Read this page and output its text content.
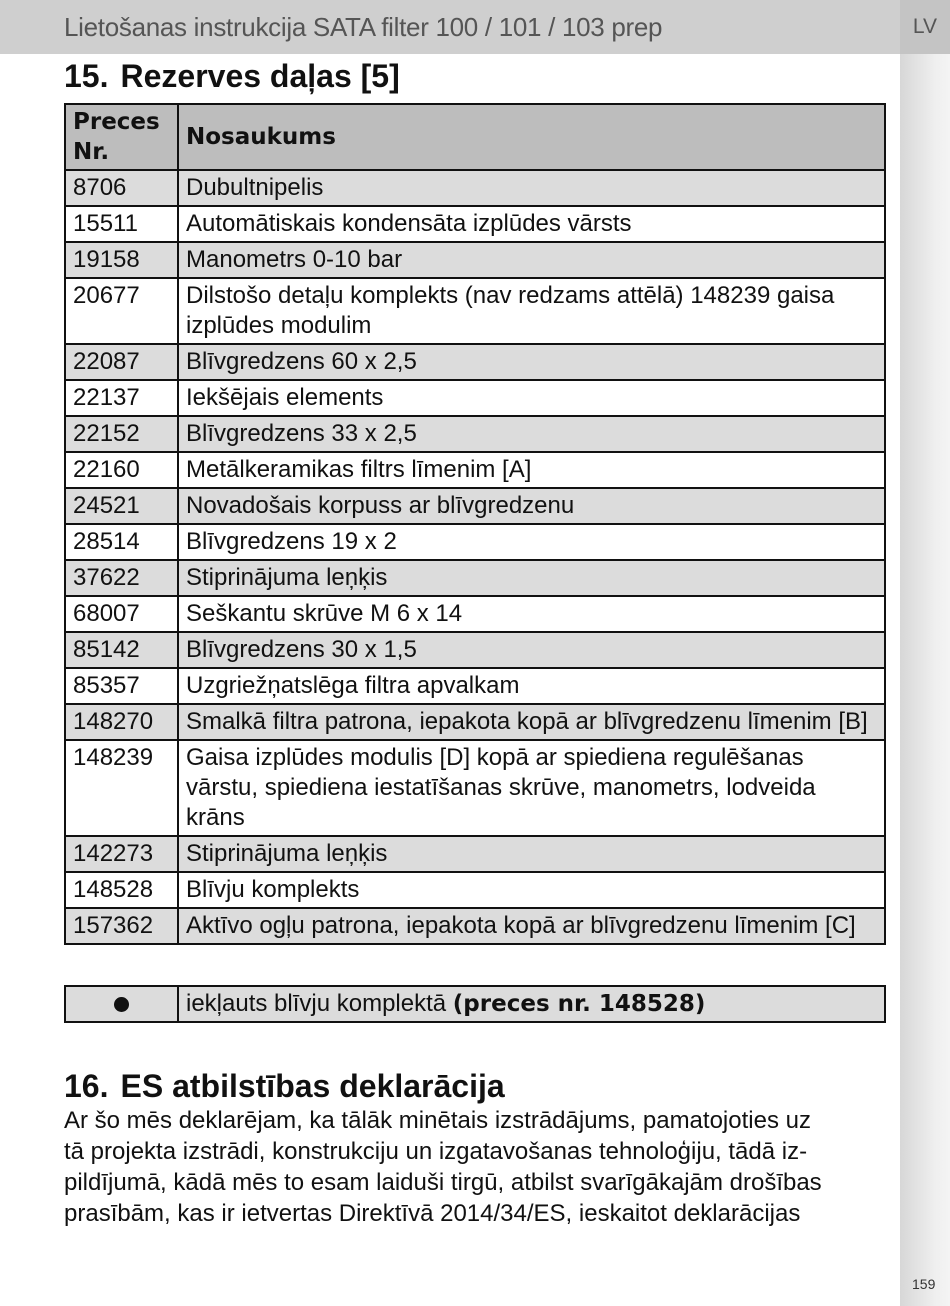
Lietošanas instrukcija SATA filter 100 / 101 / 103 prep	LV
15. Rezerves daļas [5]
Preces Nr.	Nosaukums
8706	Dubultnipelis
15511	Automātiskais kondensāta izplūdes vārsts
19158	Manometrs 0-10 bar
20677	Dilstošo detaļu komplekts (nav redzams attēlā) 148239 gaisa izplūdes modulim
22087	Blīvgredzens 60 x 2,5
22137	Iekšējais elements
22152	Blīvgredzens 33 x 2,5
22160	Metālkeramikas filtrs līmenim [A]
24521	Novadošais korpuss ar blīvgredzenu
28514	Blīvgredzens 19 x 2
37622	Stiprinājuma leņķis
68007	Seškantu skrūve M 6 x 14
85142	Blīvgredzens 30 x 1,5
85357	Uzgriežņatslēga filtra apvalkam
148270	Smalkā filtra patrona, iepakota kopā ar blīvgredzenu līmenim [B]
148239	Gaisa izplūdes modulis [D] kopā ar spiediena regulēšanas vārstu, spiediena iestatīšanas skrūve, manometrs, lodveida krāns
142273	Stiprinājuma leņķis
148528	Blīvju komplekts
157362	Aktīvo ogļu patrona, iepakota kopā ar blīvgredzenu līmenim [C]
	iekļauts blīvju komplektā (preces nr. 148528)
16. ES atbilstības deklarācija
Ar šo mēs deklarējam, ka tālāk minētais izstrādājums, pamatojoties uz
tā projekta izstrādi, konstrukciju un izgatavošanas tehnoloģiju, tādā iz-
pildījumā, kādā mēs to esam laiduši tirgū, atbilst svarīgākajām drošības
prasībām, kas ir ietvertas Direktīvā 2014/34/ES, ieskaitot deklarācijas
159
